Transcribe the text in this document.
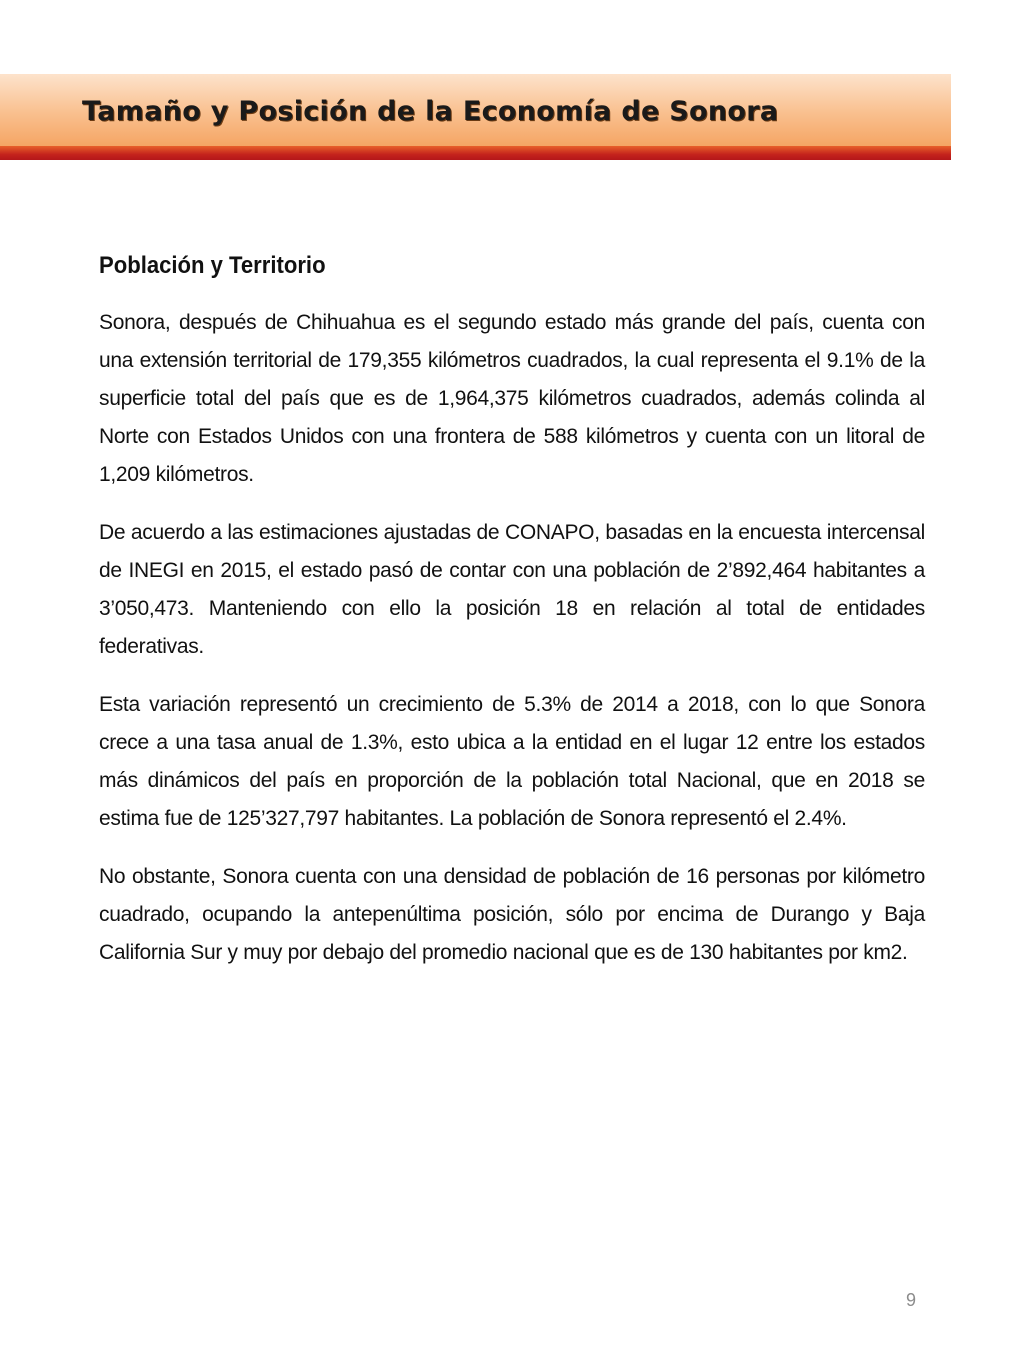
Tamaño y Posición de la Economía de Sonora
Población y Territorio

Sonora, después de Chihuahua es el segundo estado más grande del país, cuenta con una extensión territorial de 179,355 kilómetros cuadrados, la cual representa el 9.1% de la superficie total del país que es de 1,964,375 kilómetros cuadrados, además colinda al Norte con Estados Unidos con una frontera de 588 kilómetros y cuenta con un litoral de 1,209 kilómetros.

De acuerdo a las estimaciones ajustadas de CONAPO, basadas en la encuesta intercensal de INEGI en 2015, el estado pasó de contar con una población de 2’892,464 habitantes a 3’050,473. Manteniendo con ello la posición 18 en relación al total de entidades federativas.

Esta variación representó un crecimiento de 5.3% de 2014 a 2018, con lo que Sonora crece a una tasa anual de 1.3%, esto ubica a la entidad en el lugar 12 entre los estados más dinámicos del país en proporción de la población total Nacional, que en 2018 se estima fue de 125’327,797 habitantes. La población de Sonora representó el 2.4%.

No obstante, Sonora cuenta con una densidad de población de 16 personas por kilómetro cuadrado, ocupando la antepenúltima posición, sólo por encima de Durango y Baja California Sur y muy por debajo del promedio nacional que es de 130 habitantes por km2.

9
